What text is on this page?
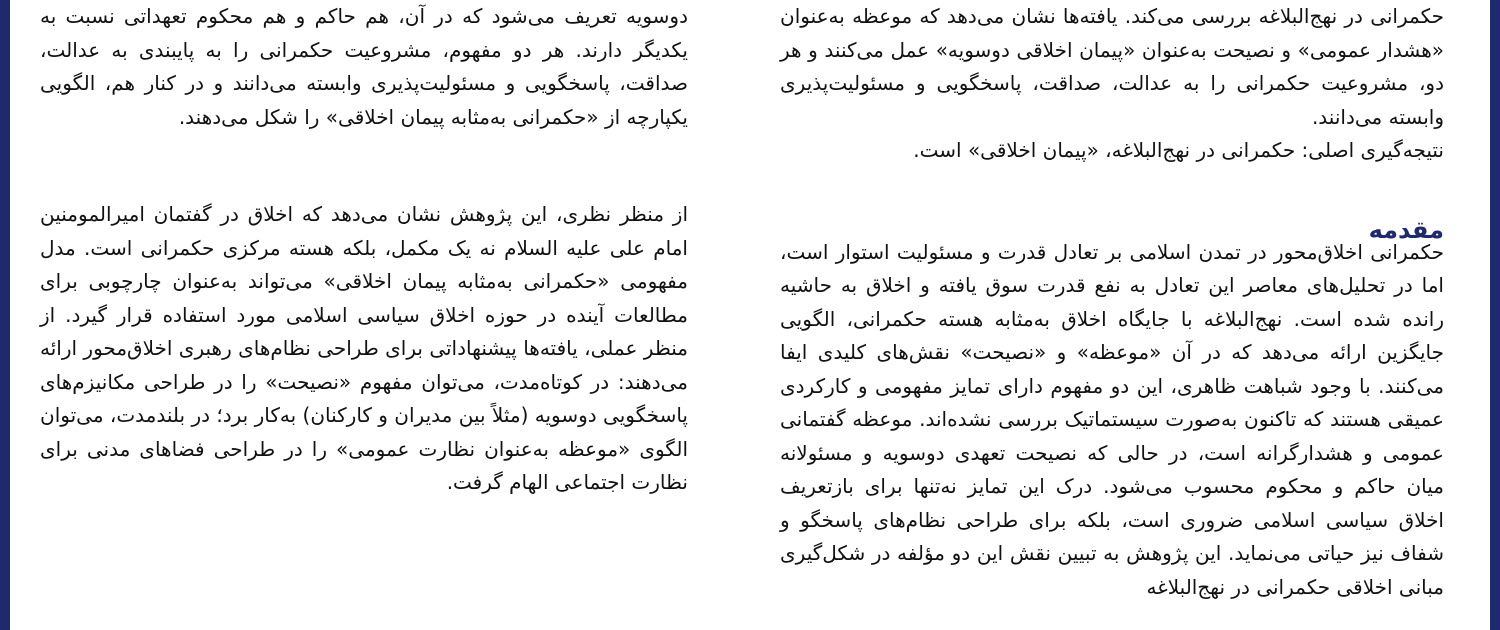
حکمرانی در نهج‌البلاغه بررسی می‌کند. یافته‌ها نشان می‌دهد که موعظه به‌عنوان «هشدار عمومی» و نصیحت به‌عنوان «پیمان اخلاقی دوسویه» عمل می‌کنند و هر دو، مشروعیت حکمرانی را به عدالت، صداقت، پاسخگویی و مسئولیت‌پذیری وابسته می‌دانند.

نتیجه‌گیری اصلی: حکمرانی در نهج‌البلاغه، «پیمان اخلاقی» است.

مقدمه

حکمرانی اخلاق‌محور در تمدن اسلامی بر تعادل قدرت و مسئولیت استوار است، اما در تحلیل‌های معاصر این تعادل به نفع قدرت سوق یافته و اخلاق به حاشیه رانده شده است. نهج‌البلاغه با جایگاه اخلاق به‌مثابه هسته حکمرانی، الگویی جایگزین ارائه می‌دهد که در آن «موعظه» و «نصیحت» نقش‌های کلیدی ایفا می‌کنند. با وجود شباهت ظاهری، این دو مفهوم دارای تمایز مفهومی و کارکردی عمیقی هستند که تاکنون به‌صورت سیستماتیک بررسی نشده‌اند. موعظه گفتمانی عمومی و هشدارگرانه است، در حالی که نصیحت تعهدی دوسویه و مسئولانه میان حاکم و محکوم محسوب می‌شود. درک این تمایز نه‌تنها برای بازتعریف اخلاق سیاسی اسلامی ضروری است، بلکه برای طراحی نظام‌های پاسخگو و شفاف نیز حیاتی می‌نماید. این پژوهش به تبیین نقش این دو مؤلفه در شکل‌گیری مبانی اخلاقی حکمرانی در نهج‌البلاغه

دوسویه تعریف می‌شود که در آن، هم حاکم و هم محکوم تعهداتی نسبت به یکدیگر دارند. هر دو مفهوم، مشروعیت حکمرانی را به پایبندی به عدالت، صداقت، پاسخگویی و مسئولیت‌پذیری وابسته می‌دانند و در کنار هم، الگویی یکپارچه از «حکمرانی به‌مثابه پیمان اخلاقی» را شکل می‌دهند.

از منظر نظری، این پژوهش نشان می‌دهد که اخلاق در گفتمان امیرالمومنین امام علی علیه السلام نه یک مکمل، بلکه هسته مرکزی حکمرانی است. مدل مفهومی «حکمرانی به‌مثابه پیمان اخلاقی» می‌تواند به‌عنوان چارچوبی برای مطالعات آینده در حوزه اخلاق سیاسی اسلامی مورد استفاده قرار گیرد. از منظر عملی، یافته‌ها پیشنهاداتی برای طراحی نظام‌های رهبری اخلاق‌محور ارائه می‌دهند: در کوتاه‌مدت، می‌توان مفهوم «نصیحت» را در طراحی مکانیزم‌های پاسخگویی دوسویه (مثلاً بین مدیران و کارکنان) به‌کار برد؛ در بلندمدت، می‌توان الگوی «موعظه به‌عنوان نظارت عمومی» را در طراحی فضاهای مدنی برای نظارت اجتماعی الهام گرفت.
